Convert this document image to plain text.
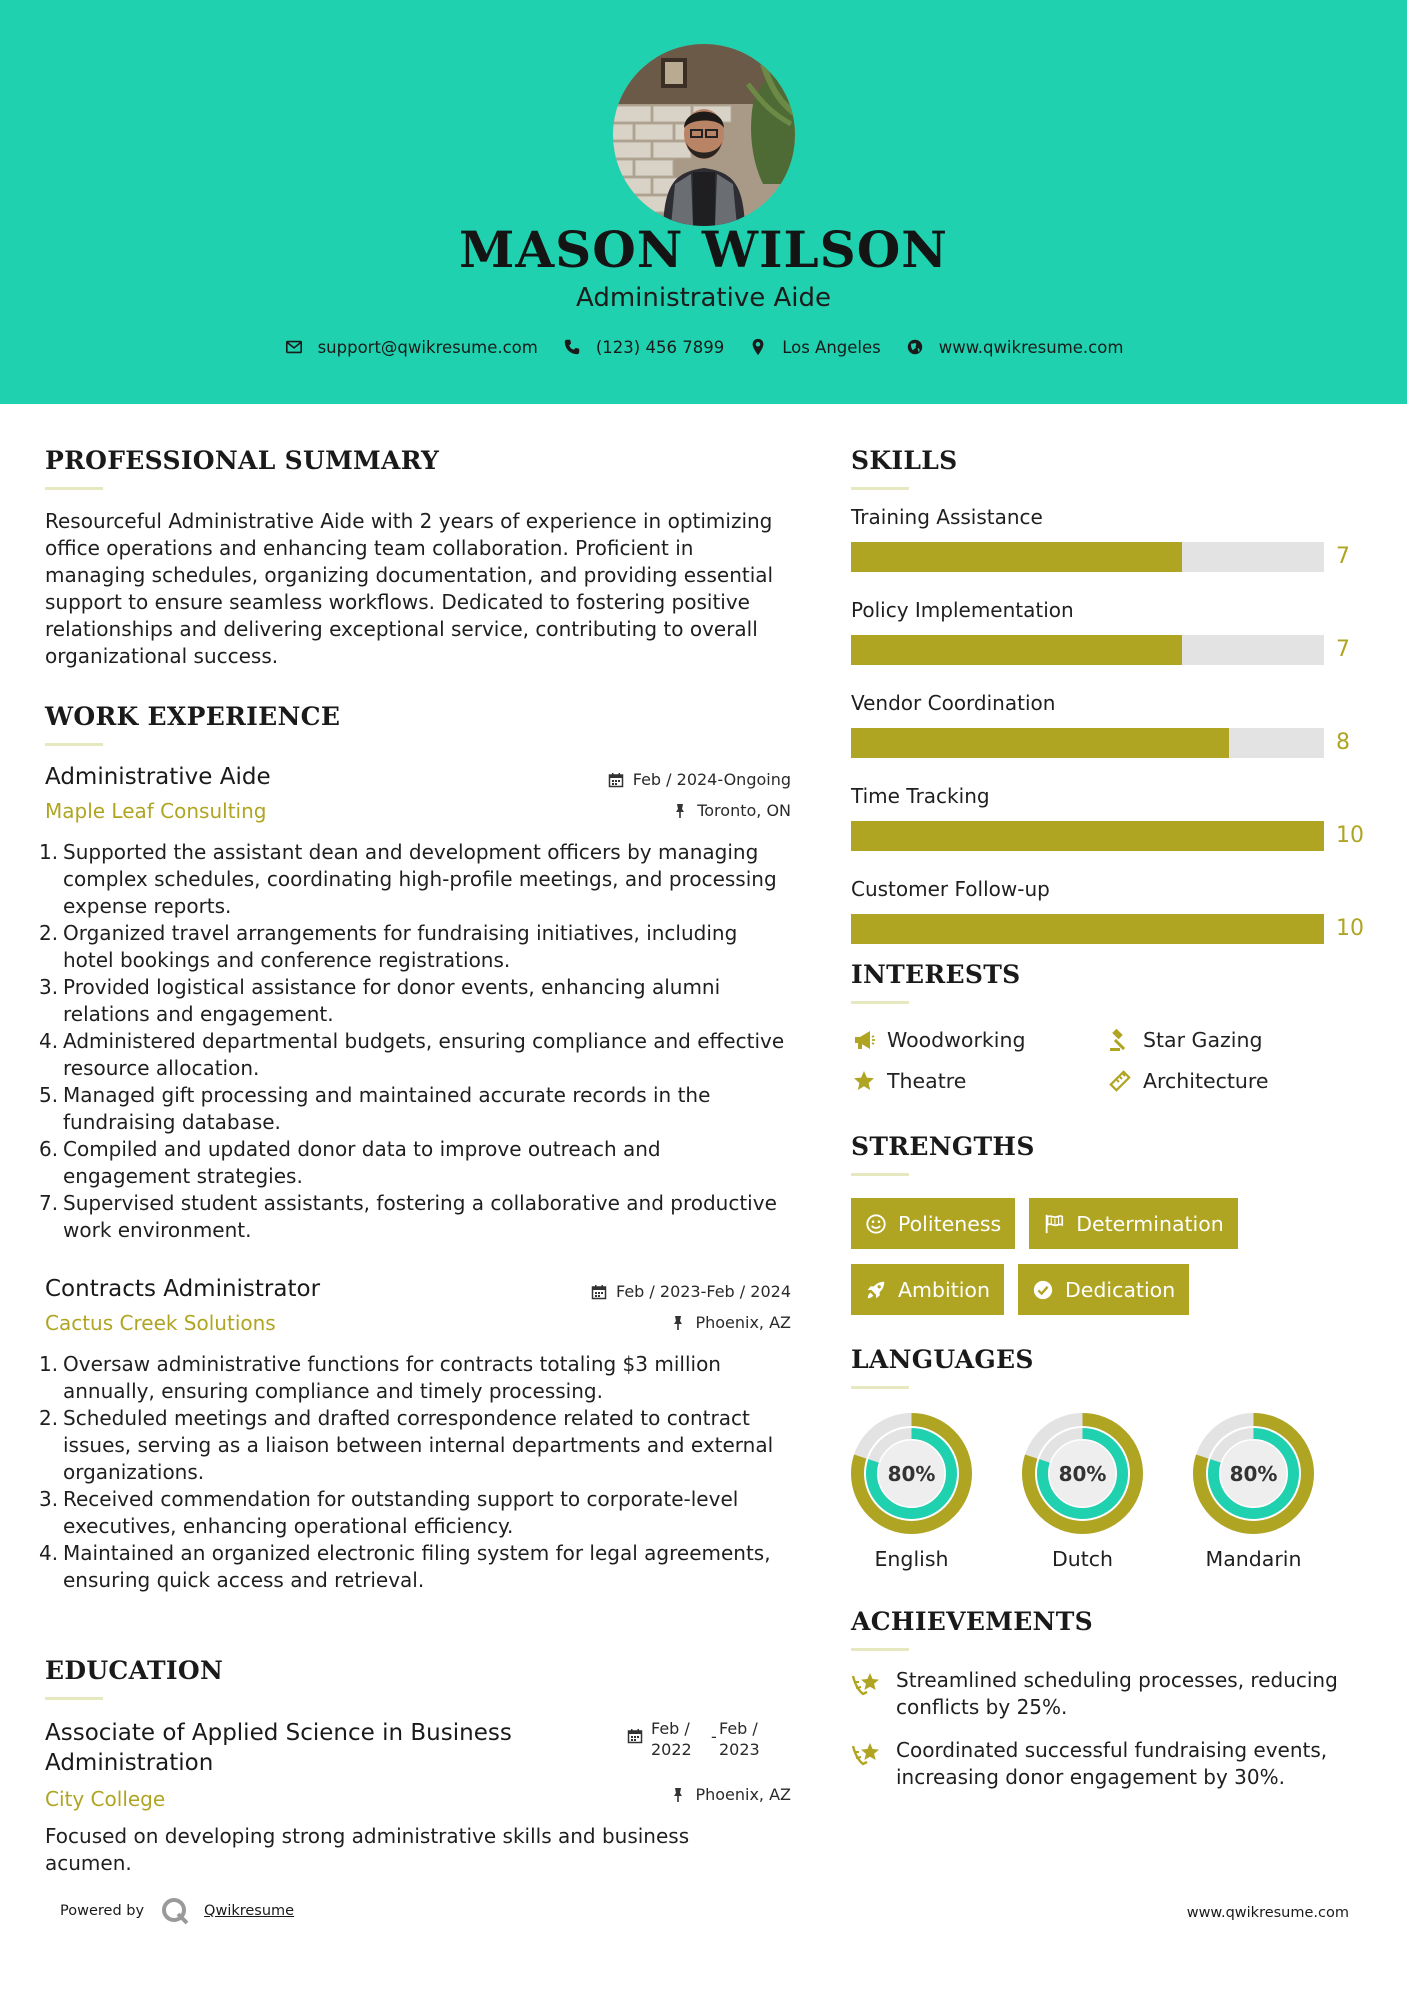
MASON WILSON
Administrative Aide
support@qwikresume.com	(123) 456 7899	Los Angeles	www.qwikresume.com
PROFESSIONAL SUMMARY
Resourceful Administrative Aide with 2 years of experience in optimizing office operations and enhancing team collaboration. Proficient in managing schedules, organizing documentation, and providing essential support to ensure seamless workflows. Dedicated to fostering positive relationships and delivering exceptional service, contributing to overall organizational success.
WORK EXPERIENCE
Administrative Aide	Feb / 2024-Ongoing
Maple Leaf Consulting	Toronto, ON
1. Supported the assistant dean and development officers by managing complex schedules, coordinating high-profile meetings, and processing expense reports.
2. Organized travel arrangements for fundraising initiatives, including hotel bookings and conference registrations.
3. Provided logistical assistance for donor events, enhancing alumni relations and engagement.
4. Administered departmental budgets, ensuring compliance and effective resource allocation.
5. Managed gift processing and maintained accurate records in the fundraising database.
6. Compiled and updated donor data to improve outreach and engagement strategies.
7. Supervised student assistants, fostering a collaborative and productive work environment.
Contracts Administrator	Feb / 2023-Feb / 2024
Cactus Creek Solutions	Phoenix, AZ
1. Oversaw administrative functions for contracts totaling $3 million annually, ensuring compliance and timely processing.
2. Scheduled meetings and drafted correspondence related to contract issues, serving as a liaison between internal departments and external organizations.
3. Received commendation for outstanding support to corporate-level executives, enhancing operational efficiency.
4. Maintained an organized electronic filing system for legal agreements, ensuring quick access and retrieval.
EDUCATION
Associate of Applied Science in Business
Administration
Feb /
2022
- Feb /
2023
City College	Phoenix, AZ
Focused on developing strong administrative skills and business acumen.
SKILLS
Training Assistance
7
Policy Implementation
7
Vendor Coordination
8
Time Tracking
10
Customer Follow-up
10
INTERESTS
Woodworking	Star Gazing
Theatre	Architecture
STRENGTHS
Politeness	Determination
Ambition	Dedication
LANGUAGES
80%
English
80%
Dutch
80%
Mandarin
ACHIEVEMENTS
Streamlined scheduling processes, reducing conflicts by 25%.
Coordinated successful fundraising events, increasing donor engagement by 30%.
Powered by	Qwikresume	www.qwikresume.com
